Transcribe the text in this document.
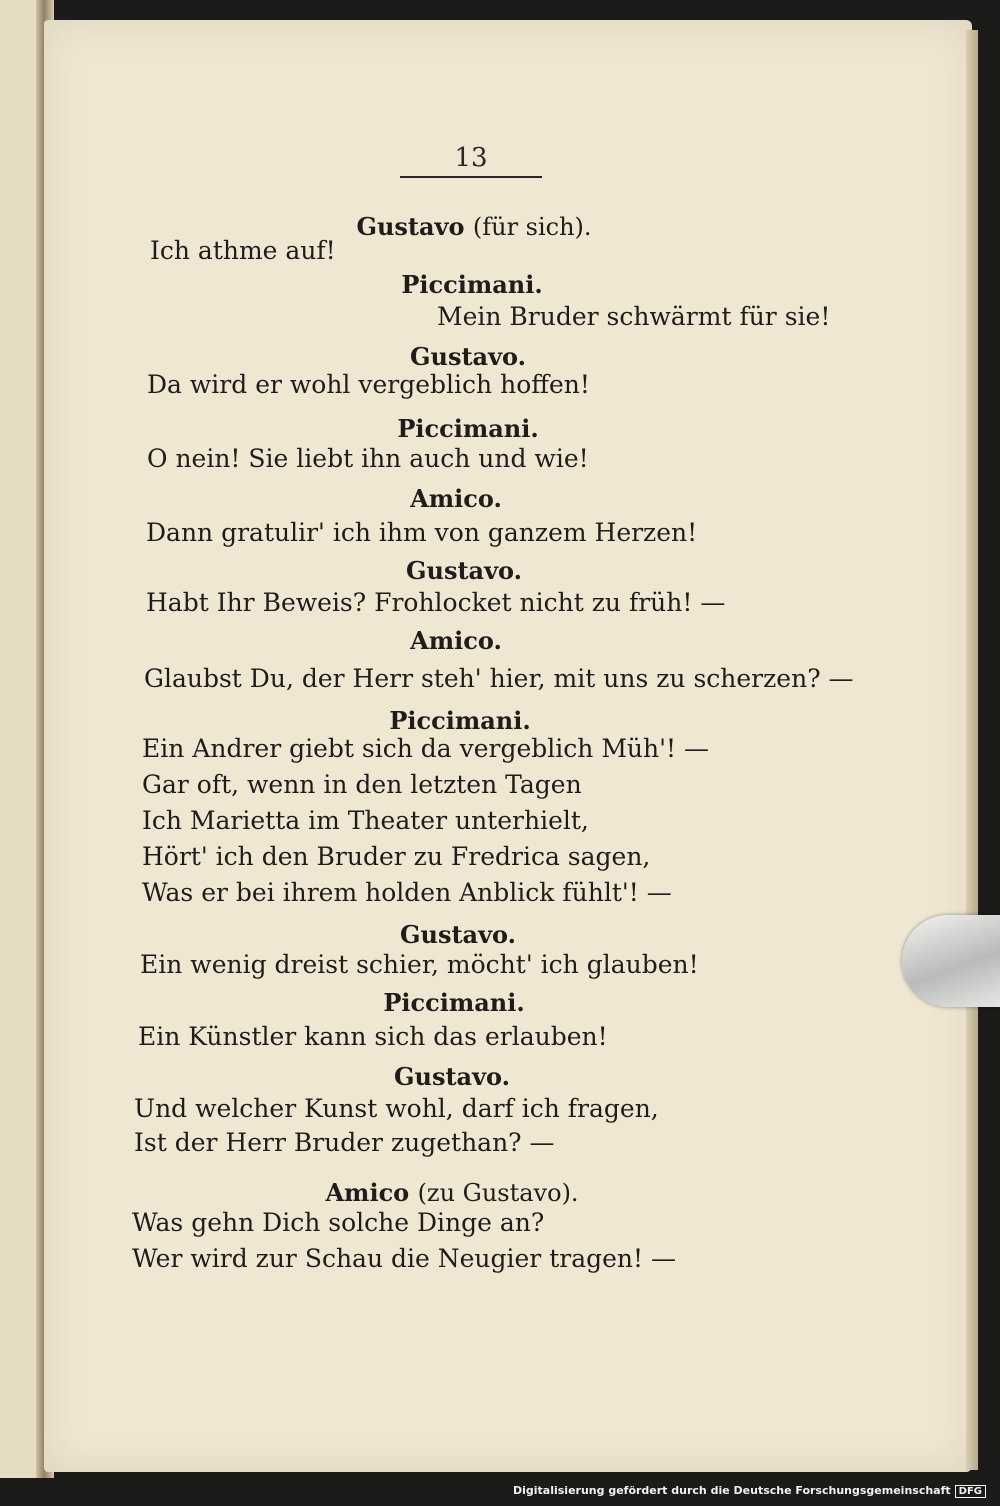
13
Gustavo (für sich).
Ich athme auf!
Piccimani.
Mein Bruder schwärmt für sie!
Gustavo.
Da wird er wohl vergeblich hoffen!
Piccimani.
O nein! Sie liebt ihn auch und wie!
Amico.
Dann gratulir' ich ihm von ganzem Herzen!
Gustavo.
Habt Ihr Beweis? Frohlocket nicht zu früh! —
Amico.
Glaubst Du, der Herr steh' hier, mit uns zu scherzen? —
Piccimani.
Ein Andrer giebt sich da vergeblich Müh'! —
Gar oft, wenn in den letzten Tagen
Ich Marietta im Theater unterhielt,
Hört' ich den Bruder zu Fredrica sagen,
Was er bei ihrem holden Anblick fühlt'! —
Gustavo.
Ein wenig dreist schier, möcht' ich glauben!
Piccimani.
Ein Künstler kann sich das erlauben!
Gustavo.
Und welcher Kunst wohl, darf ich fragen,
Ist der Herr Bruder zugethan? —
Amico (zu Gustavo).
Was gehn Dich solche Dinge an?
Wer wird zur Schau die Neugier tragen! —
Digitalisierung gefördert durch die Deutsche Forschungsgemeinschaft DFG
